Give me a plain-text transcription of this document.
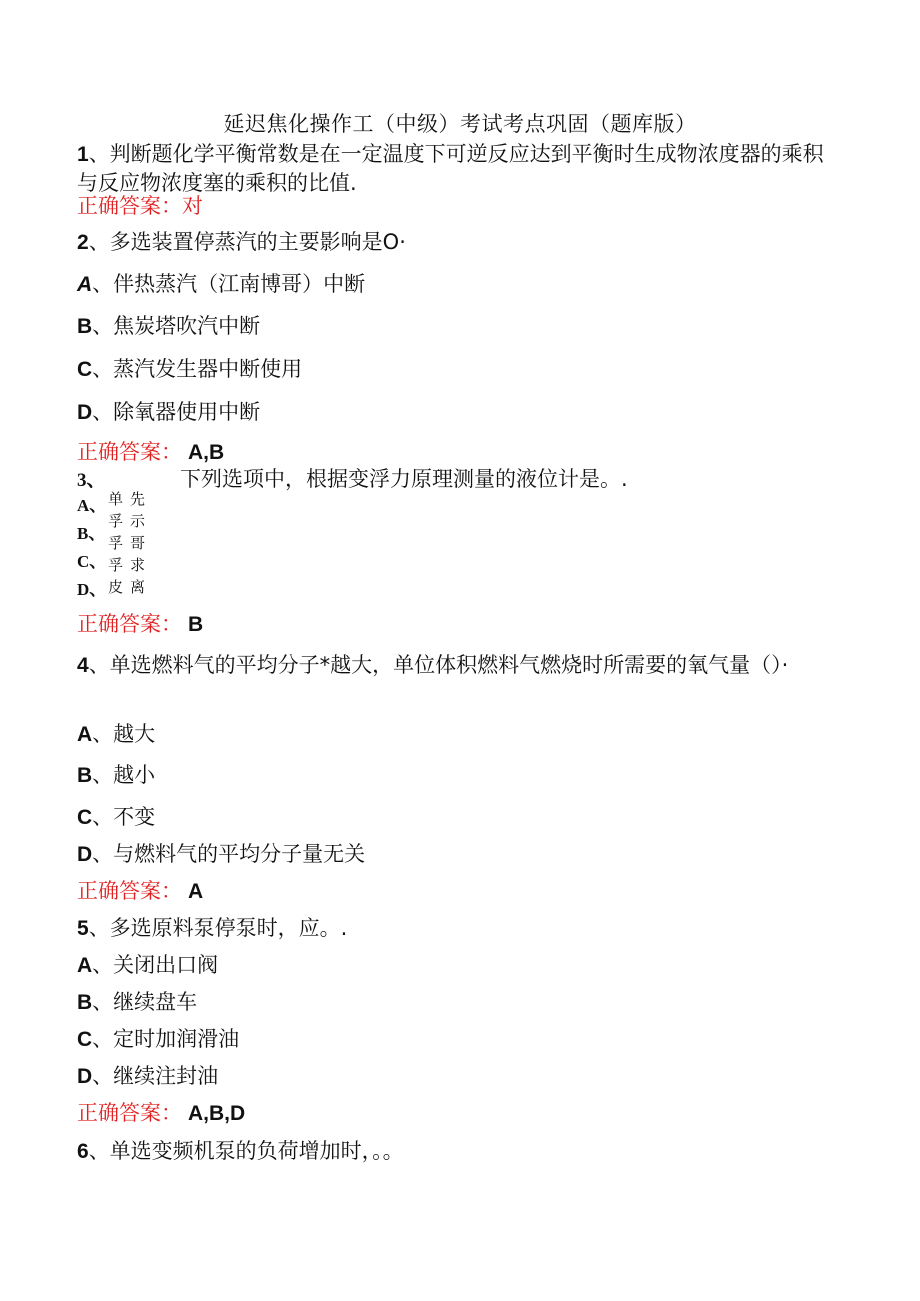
延迟焦化操作工（中级）考试考点巩固（题库版）
1、判断题化学平衡常数是在一定温度下可逆反应达到平衡时生成物浓度器的乘积与反应物浓度塞的乘积的比值.
正确答案：对
2、多选装置停蒸汽的主要影响是O·
A、伴热蒸汽（江南博哥）中断
B、焦炭塔吹汽中断
C、蒸汽发生器中断使用
D、除氧器使用中断
正确答案： A,B
3、	下列选项中，根据变浮力原理测量的液位计是。.
A、
B、
C、
D、
单孚孚孚皮
先示哥求离
正确答案： B
4、单选燃料气的平均分子*越大，单位体积燃料气燃烧时所需要的氧气量（）·
A、越大
B、越小
C、不变
D、与燃料气的平均分子量无关
正确答案： A
5、多选原料泵停泵时，应。.
A、关闭出口阀
B、继续盘车
C、定时加润滑油
D、继续注封油
正确答案： A,B,D
6、单选变频机泵的负荷增加时，。。
